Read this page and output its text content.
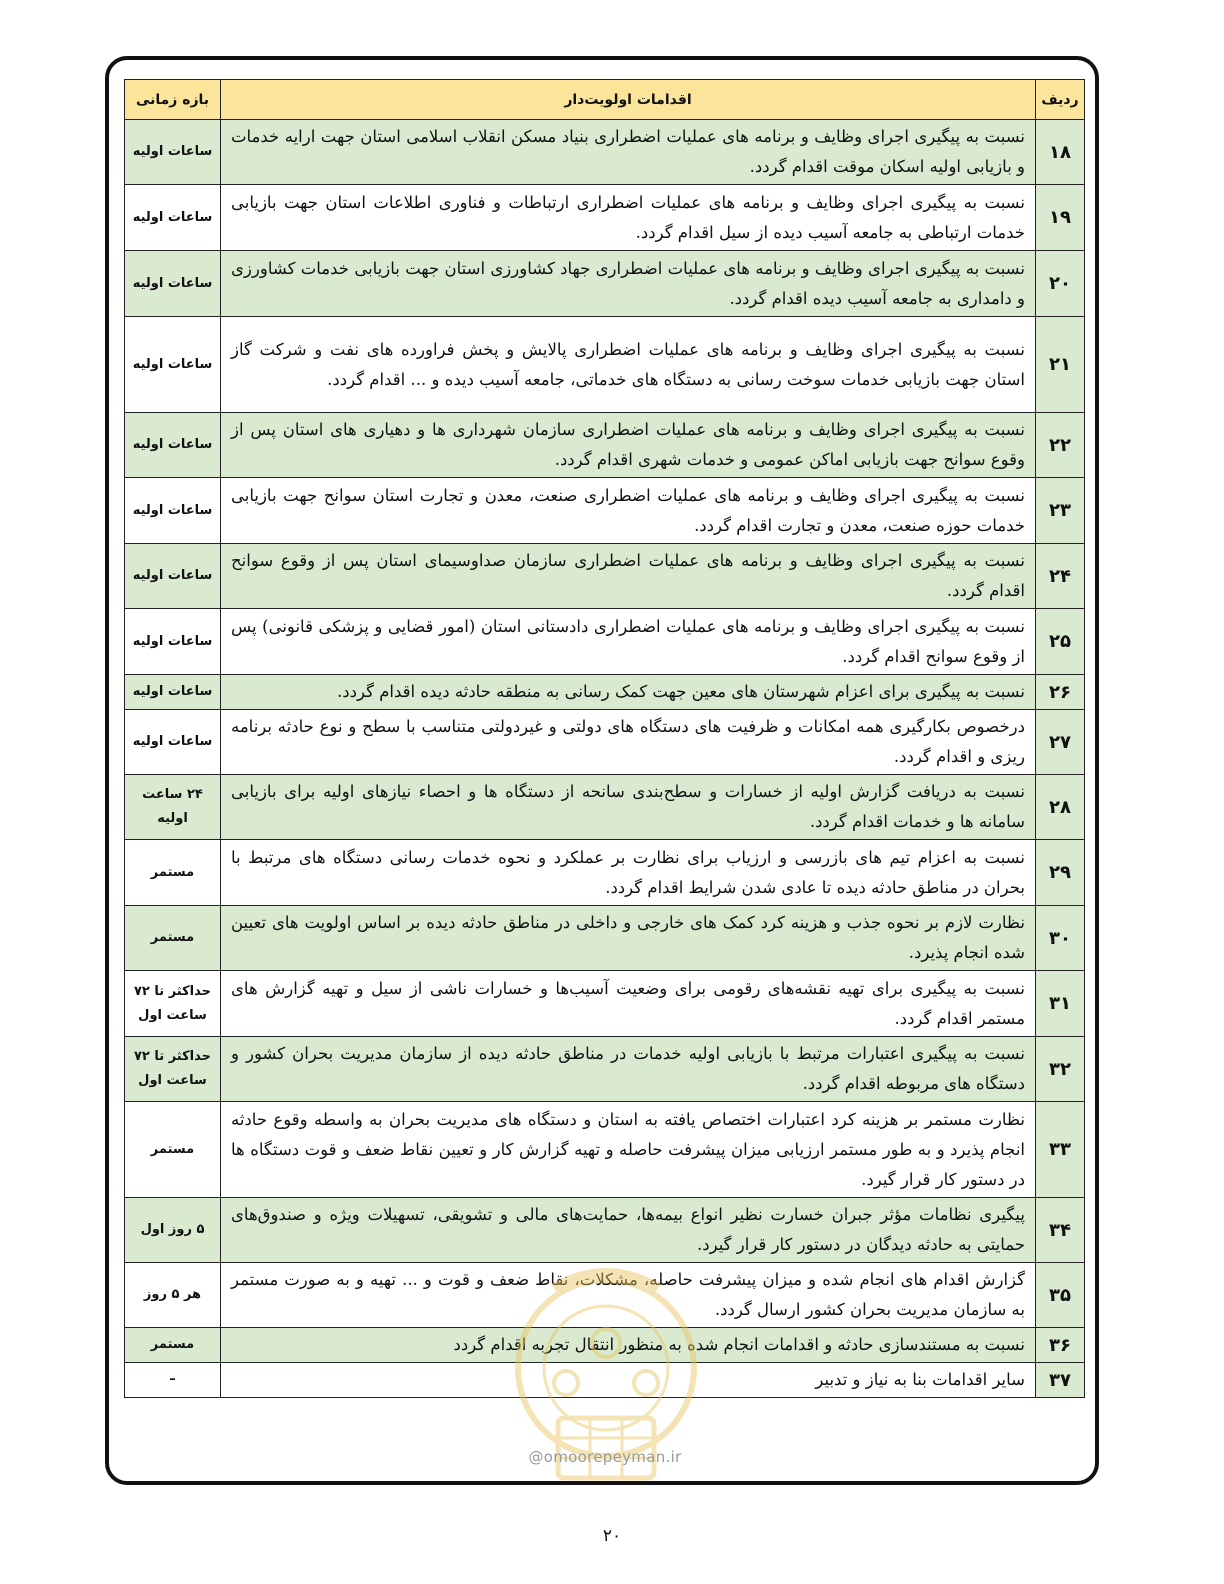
ردیف	اقدامات اولویت‌دار	بازه زمانی
۱۸	نسبت به پیگیری اجرای وظایف و برنامه های عملیات اضطراری بنیاد مسکن انقلاب اسلامی استان جهت ارایه خدمات و بازیابی اولیه اسکان موقت اقدام گردد.	ساعات اولیه
۱۹	نسبت به پیگیری اجرای وظایف و برنامه های عملیات اضطراری ارتباطات و فناوری اطلاعات استان جهت بازیابی خدمات ارتباطی به جامعه آسیب دیده از سیل اقدام گردد.	ساعات اولیه
۲۰	نسبت به پیگیری اجرای وظایف و برنامه های عملیات اضطراری جهاد کشاورزی استان جهت بازیابی خدمات کشاورزی و دامداری به جامعه آسیب دیده اقدام گردد.	ساعات اولیه
۲۱	نسبت به پیگیری اجرای وظایف و برنامه های عملیات اضطراری پالایش و پخش فراورده های نفت و شرکت گاز استان جهت بازیابی خدمات سوخت رسانی به دستگاه های خدماتی، جامعه آسیب دیده و ... اقدام گردد.	ساعات اولیه
۲۲	نسبت به پیگیری اجرای وظایف و برنامه های عملیات اضطراری سازمان شهرداری ها و دهیاری های استان پس از وقوع سوانح جهت بازیابی اماکن عمومی و خدمات شهری اقدام گردد.	ساعات اولیه
۲۳	نسبت به پیگیری اجرای وظایف و برنامه های عملیات اضطراری صنعت، معدن و تجارت استان سوانح جهت بازیابی خدمات حوزه صنعت، معدن و تجارت اقدام گردد.	ساعات اولیه
۲۴	نسبت به پیگیری اجرای وظایف و برنامه های عملیات اضطراری سازمان صداوسیمای استان پس از وقوع سوانح اقدام گردد.	ساعات اولیه
۲۵	نسبت به پیگیری اجرای وظایف و برنامه های عملیات اضطراری دادستانی استان (امور قضایی و پزشکی قانونی) پس از وقوع سوانح اقدام گردد.	ساعات اولیه
۲۶	نسبت به پیگیری برای اعزام شهرستان های معین جهت کمک رسانی به منطقه حادثه دیده اقدام گردد.	ساعات اولیه
۲۷	درخصوص بکارگیری همه امکانات و ظرفیت های دستگاه های دولتی و غیردولتی متناسب با سطح و نوع حادثه برنامه ریزی و اقدام گردد.	ساعات اولیه
۲۸	نسبت به دریافت گزارش اولیه از خسارات و سطح‌بندی سانحه از دستگاه ها و احصاء نیازهای اولیه برای بازیابی سامانه ها و خدمات اقدام گردد.	۲۴ ساعت اولیه
۲۹	نسبت به اعزام تیم های بازرسی و ارزیاب برای نظارت بر عملکرد و نحوه خدمات رسانی دستگاه های مرتبط با بحران در مناطق حادثه دیده تا عادی شدن شرایط اقدام گردد.	مستمر
۳۰	نظارت لازم بر نحوه جذب و هزینه کرد کمک های خارجی و داخلی در مناطق حادثه دیده بر اساس اولویت های تعیین شده انجام پذیرد.	مستمر
۳۱	نسبت به پیگیری برای تهیه نقشه‌های رقومی برای وضعیت آسیب‌ها و خسارات ناشی از سیل و تهیه گزارش های مستمر اقدام گردد.	حداکثر تا ۷۲ ساعت اول
۳۲	نسبت به پیگیری اعتبارات مرتبط با بازیابی اولیه خدمات در مناطق حادثه دیده از سازمان مدیریت بحران کشور و دستگاه های مربوطه اقدام گردد.	حداکثر تا ۷۲ ساعت اول
۳۳	نظارت مستمر بر هزینه کرد اعتبارات اختصاص یافته به استان و دستگاه های مدیریت بحران به واسطه وقوع حادثه انجام پذیرد و به طور مستمر ارزیابی میزان پیشرفت حاصله و تهیه گزارش کار و تعیین نقاط ضعف و قوت دستگاه ها در دستور کار قرار گیرد.	مستمر
۳۴	پیگیری نظامات مؤثر جبران خسارت نظیر انواع بیمه‌ها، حمایت‌های مالی و تشویقی، تسهیلات ویژه و صندوق‌های حمایتی به حادثه دیدگان در دستور کار قرار گیرد.	۵ روز اول
۳۵	گزارش اقدام های انجام شده و میزان پیشرفت حاصله، مشکلات، نقاط ضعف و قوت و ... تهیه و به صورت مستمر به سازمان مدیریت بحران کشور ارسال گردد.	هر ۵ روز
۳۶	نسبت به مستندسازی حادثه و اقدامات انجام شده به منظور انتقال تجربه اقدام گردد	مستمر
۳۷	سایر اقدامات بنا به نیاز و تدبیر	–
@omoorepeyman.ir
۲۰
